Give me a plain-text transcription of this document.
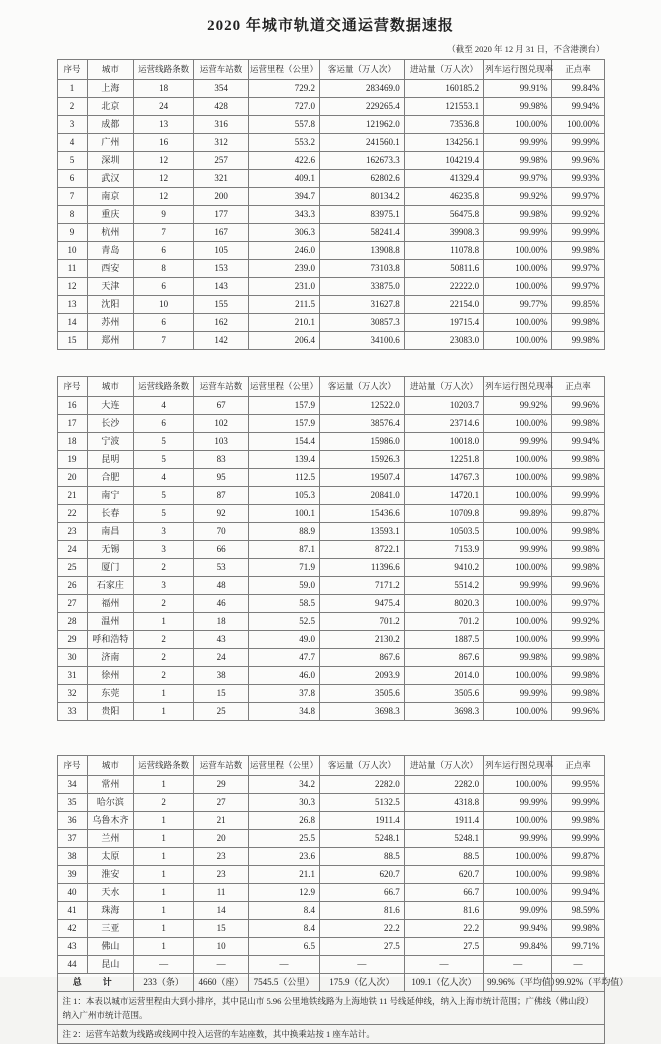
2020 年城市轨道交通运营数据速报
（截至 2020 年 12 月 31 日，不含港澳台）
序号	城市	运营线路条数	运营车站数	运营里程（公里）	客运量（万人次）	进站量（万人次）	列车运行图兑现率	正点率
1	上海	18	354	729.2	283469.0	160185.2	99.91%	99.84%
2	北京	24	428	727.0	229265.4	121553.1	99.98%	99.94%
3	成都	13	316	557.8	121962.0	73536.8	100.00%	100.00%
4	广州	16	312	553.2	241560.1	134256.1	99.99%	99.99%
5	深圳	12	257	422.6	162673.3	104219.4	99.98%	99.96%
6	武汉	12	321	409.1	62802.6	41329.4	99.97%	99.93%
7	南京	12	200	394.7	80134.2	46235.8	99.92%	99.97%
8	重庆	9	177	343.3	83975.1	56475.8	99.98%	99.92%
9	杭州	7	167	306.3	58241.4	39908.3	99.99%	99.99%
10	青岛	6	105	246.0	13908.8	11078.8	100.00%	99.98%
11	西安	8	153	239.0	73103.8	50811.6	100.00%	99.97%
12	天津	6	143	231.0	33875.0	22222.0	100.00%	99.97%
13	沈阳	10	155	211.5	31627.8	22154.0	99.77%	99.85%
14	苏州	6	162	210.1	30857.3	19715.4	100.00%	99.98%
15	郑州	7	142	206.4	34100.6	23083.0	100.00%	99.98%
序号	城市	运营线路条数	运营车站数	运营里程（公里）	客运量（万人次）	进站量（万人次）	列车运行图兑现率	正点率
16	大连	4	67	157.9	12522.0	10203.7	99.92%	99.96%
17	长沙	6	102	157.9	38576.4	23714.6	100.00%	99.98%
18	宁波	5	103	154.4	15986.0	10018.0	99.99%	99.94%
19	昆明	5	83	139.4	15926.3	12251.8	100.00%	99.98%
20	合肥	4	95	112.5	19507.4	14767.3	100.00%	99.98%
21	南宁	5	87	105.3	20841.0	14720.1	100.00%	99.99%
22	长春	5	92	100.1	15436.6	10709.8	99.89%	99.87%
23	南昌	3	70	88.9	13593.1	10503.5	100.00%	99.98%
24	无锡	3	66	87.1	8722.1	7153.9	99.99%	99.98%
25	厦门	2	53	71.9	11396.6	9410.2	100.00%	99.98%
26	石家庄	3	48	59.0	7171.2	5514.2	99.99%	99.96%
27	福州	2	46	58.5	9475.4	8020.3	100.00%	99.97%
28	温州	1	18	52.5	701.2	701.2	100.00%	99.92%
29	呼和浩特	2	43	49.0	2130.2	1887.5	100.00%	99.99%
30	济南	2	24	47.7	867.6	867.6	99.98%	99.98%
31	徐州	2	38	46.0	2093.9	2014.0	100.00%	99.98%
32	东莞	1	15	37.8	3505.6	3505.6	99.99%	99.98%
33	贵阳	1	25	34.8	3698.3	3698.3	100.00%	99.96%
序号	城市	运营线路条数	运营车站数	运营里程（公里）	客运量（万人次）	进站量（万人次）	列车运行图兑现率	正点率
34	常州	1	29	34.2	2282.0	2282.0	100.00%	99.95%
35	哈尔滨	2	27	30.3	5132.5	4318.8	99.99%	99.99%
36	乌鲁木齐	1	21	26.8	1911.4	1911.4	100.00%	99.98%
37	兰州	1	20	25.5	5248.1	5248.1	99.99%	99.99%
38	太原	1	23	23.6	88.5	88.5	100.00%	99.87%
39	淮安	1	23	21.1	620.7	620.7	100.00%	99.98%
40	天水	1	11	12.9	66.7	66.7	100.00%	99.94%
41	珠海	1	14	8.4	81.6	81.6	99.09%	98.59%
42	三亚	1	15	8.4	22.2	22.2	99.94%	99.98%
43	佛山	1	10	6.5	27.5	27.5	99.84%	99.71%
44	昆山	—	—	—	—	—	—	—
总　计		233（条）	4660（座）	7545.5（公里）	175.9（亿人次）	109.1（亿人次）	99.96%（平均值）	99.92%（平均值）
注 1：本表以城市运营里程由大到小排序，其中昆山市 5.96 公里地铁线路为上海地铁 11 号线延伸线，纳入上海市统计范围；广佛线（佛山段）纳入广州市统计范围。								
注 2：运营车站数为线路或线网中投入运营的车站座数，其中换乘站按 1 座车站计。								
